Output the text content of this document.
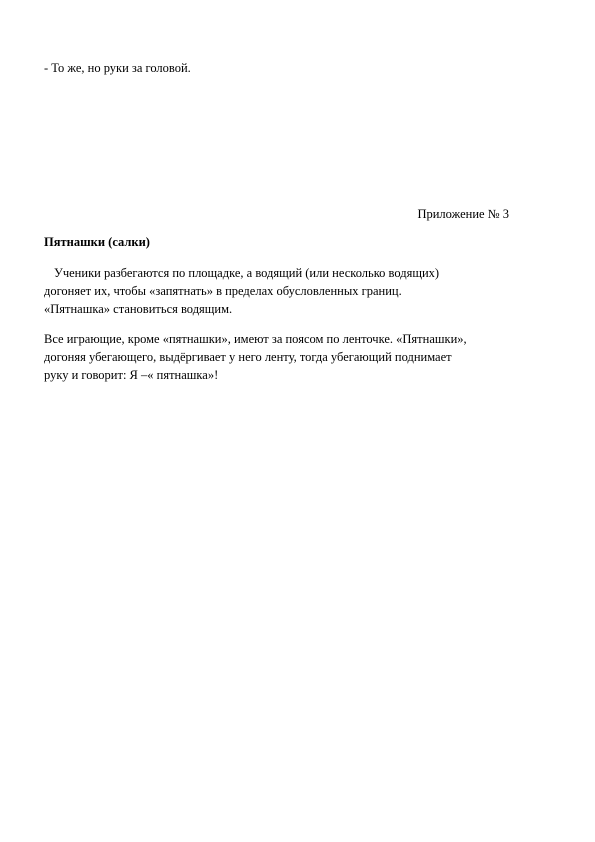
- То же, но руки за головой.

Приложение № 3

Пятнашки (салки)

Ученики разбегаются по площадке, а водящий (или несколько водящих)
догоняет их, чтобы «запятнать» в пределах обусловленных границ.
«Пятнашка» становиться водящим.
Все играющие, кроме «пятнашки», имеют за поясом по ленточке. «Пятнашки»,
догоняя убегающего, выдёргивает у него ленту, тогда убегающий поднимает
руку и говорит: Я –« пятнашка»!
